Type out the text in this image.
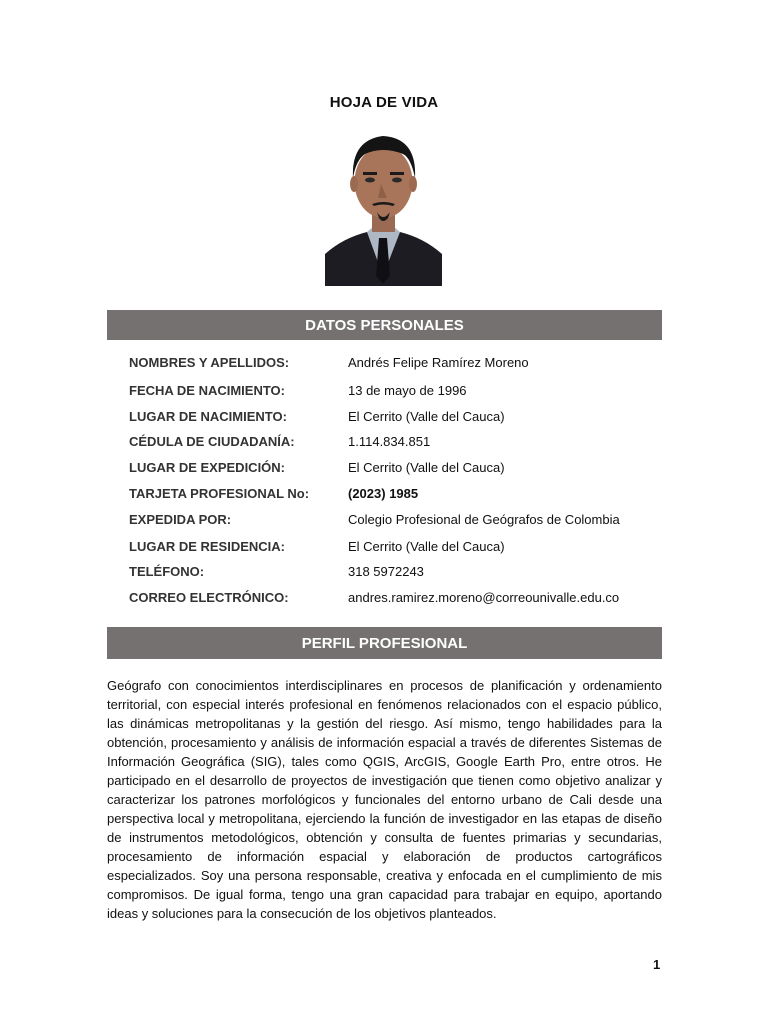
HOJA DE VIDA
DATOS PERSONALES
NOMBRES Y APELLIDOS:	Andrés Felipe Ramírez Moreno
FECHA DE NACIMIENTO:	13 de mayo de 1996
LUGAR DE NACIMIENTO:	El Cerrito (Valle del Cauca)
CÉDULA DE CIUDADANÍA:	1.114.834.851
LUGAR DE EXPEDICIÓN:	El Cerrito (Valle del Cauca)
TARJETA PROFESIONAL No:	(2023) 1985
EXPEDIDA POR:	Colegio Profesional de Geógrafos de Colombia
LUGAR DE RESIDENCIA:	El Cerrito (Valle del Cauca)
TELÉFONO:	318 5972243
CORREO ELECTRÓNICO:	andres.ramirez.moreno@correounivalle.edu.co
PERFIL PROFESIONAL
Geógrafo con conocimientos interdisciplinares en procesos de planificación y ordenamiento territorial, con especial interés profesional en fenómenos relacionados con el espacio público, las dinámicas metropolitanas y la gestión del riesgo. Así mismo, tengo habilidades para la obtención, procesamiento y análisis de información espacial a través de diferentes Sistemas de Información Geográfica (SIG), tales como QGIS, ArcGIS, Google Earth Pro, entre otros. He participado en el desarrollo de proyectos de investigación que tienen como objetivo analizar y caracterizar los patrones morfológicos y funcionales del entorno urbano de Cali desde una perspectiva local y metropolitana, ejerciendo la función de investigador en las etapas de diseño de instrumentos metodológicos, obtención y consulta de fuentes primarias y secundarias, procesamiento de información espacial y elaboración de productos cartográficos especializados. Soy una persona responsable, creativa y enfocada en el cumplimiento de mis compromisos. De igual forma, tengo una gran capacidad para trabajar en equipo, aportando ideas y soluciones para la consecución de los objetivos planteados.
1
